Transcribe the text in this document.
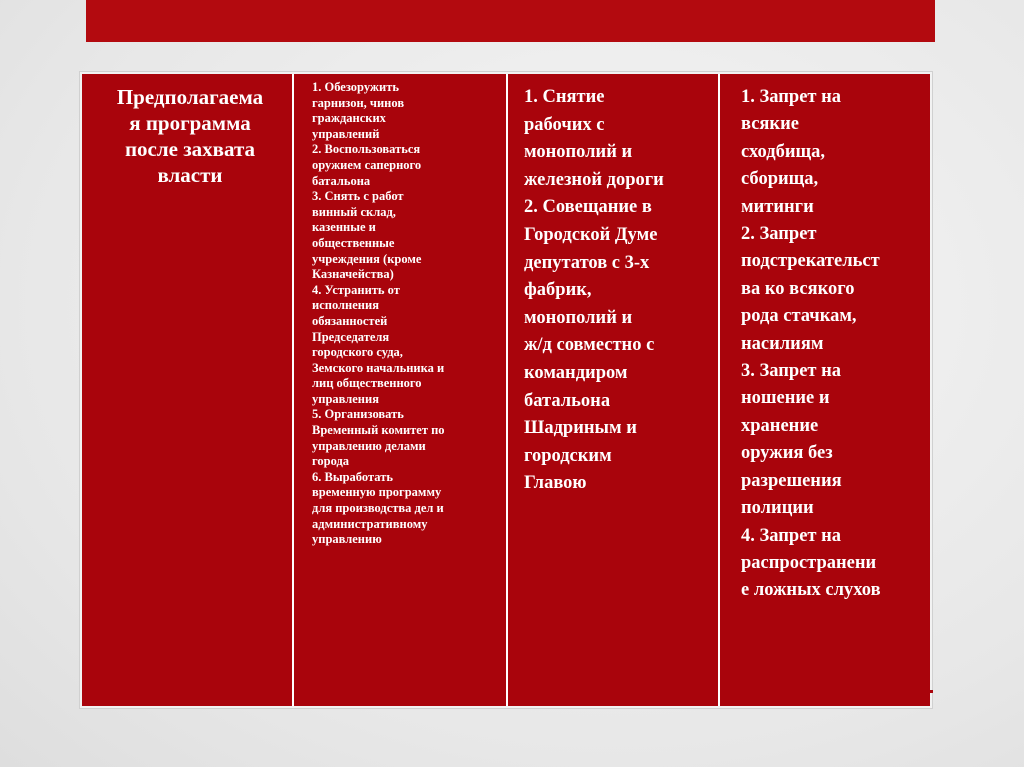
Предполагаема
я программа
после захвата
власти
1. Обезоружить
гарнизон, чинов
гражданских
управлений
2. Воспользоваться
оружием саперного
батальона
3. Снять с работ
винный склад,
казенные и
общественные
учреждения (кроме
Казначейства)
4. Устранить от
исполнения
обязанностей
Председателя
городского суда,
Земского начальника и
лиц общественного
управления
5. Организовать
Временный комитет по
управлению делами
города
6. Выработать
временную программу
для производства дел и
административному
управлению
1. Снятие
рабочих с
монополий и
железной дороги
2. Совещание в
Городской Думе
депутатов с 3-х
фабрик,
монополий и
ж/д совместно с
командиром
батальона
Шадриным и
городским
Главою
1. Запрет на
всякие
сходбища,
сборища,
митинги
2. Запрет
подстрекательст
ва ко всякого
рода стачкам,
насилиям
3. Запрет на
ношение и
хранение
оружия без
разрешения
полиции
4. Запрет на
распространени
е ложных слухов
